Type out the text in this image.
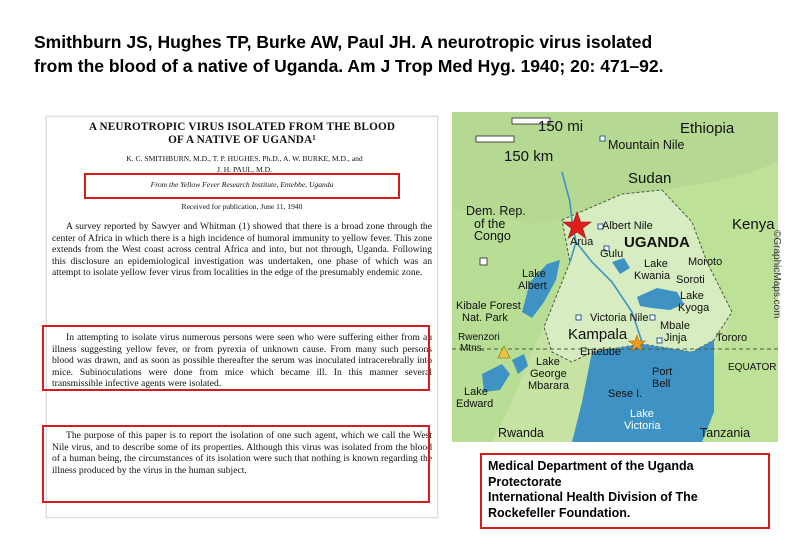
Smithburn JS, Hughes TP, Burke AW, Paul JH. A neurotropic virus isolated
from the blood of a native of Uganda. Am J Trop Med Hyg. 1940; 20: 471–92.
A NEUROTROPIC VIRUS ISOLATED FROM THE BLOOD
OF A NATIVE OF UGANDA¹
K. C. SMITHBURN, M.D., T. P. HUGHES, Ph.D., A. W. BURKE, M.D., and
J. H. PAUL, M.D.
From the Yellow Fever Research Institute, Entebbe, Uganda
Received for publication, June 11, 1940
A survey reported by Sawyer and Whitman (1) showed that there is a broad zone through the center of Africa in which there is a high incidence of humoral immunity to yellow fever. This zone extends from the West coast across central Africa and into, but not through, Uganda. Following this disclosure an epidemiological investigation was undertaken, one phase of which was an attempt to isolate yellow fever virus from localities in the edge of the presumably endemic zone.
In attempting to isolate virus numerous persons were seen who were suffering either from an illness suggesting yellow fever, or from pyrexia of unknown cause. From many such persons blood was drawn, and as soon as possible thereafter the serum was inoculated intracerebrally into mice. Subinoculations were done from mice which became ill. In this manner several transmissible infective agents were isolated.
The purpose of this paper is to report the isolation of one such agent, which we call the West Nile virus, and to describe some of its properties. Although this virus was isolated from the blood of a human being, the circumstances of its isolation were such that nothing is known regarding the illness produced by the virus in the human subject.
150 mi
150 km
Ethiopia
Mountain Nile
Sudan
Dem. Rep.
of the
Congo
Albert Nile
Arua UGANDA
Kenya
Gulu
Moroto
Lake
Kwania Soroti
Lake
Albert
Lake
Kyoga
Kibale Forest
Nat. Park	Victoria Nile
Kampala	Mbale
Jinja	Tororo
Rwenzori
Mtns.	Entebbe
EQUATOR
Lake
George
Mbarara
Port
Bell
Lake
Edward
Sese I.
Lake
Victoria
Rwanda	Tanzania
©GraphicMaps.com
Medical Department of the Uganda
Protectorate
International Health Division of The
Rockefeller Foundation.
